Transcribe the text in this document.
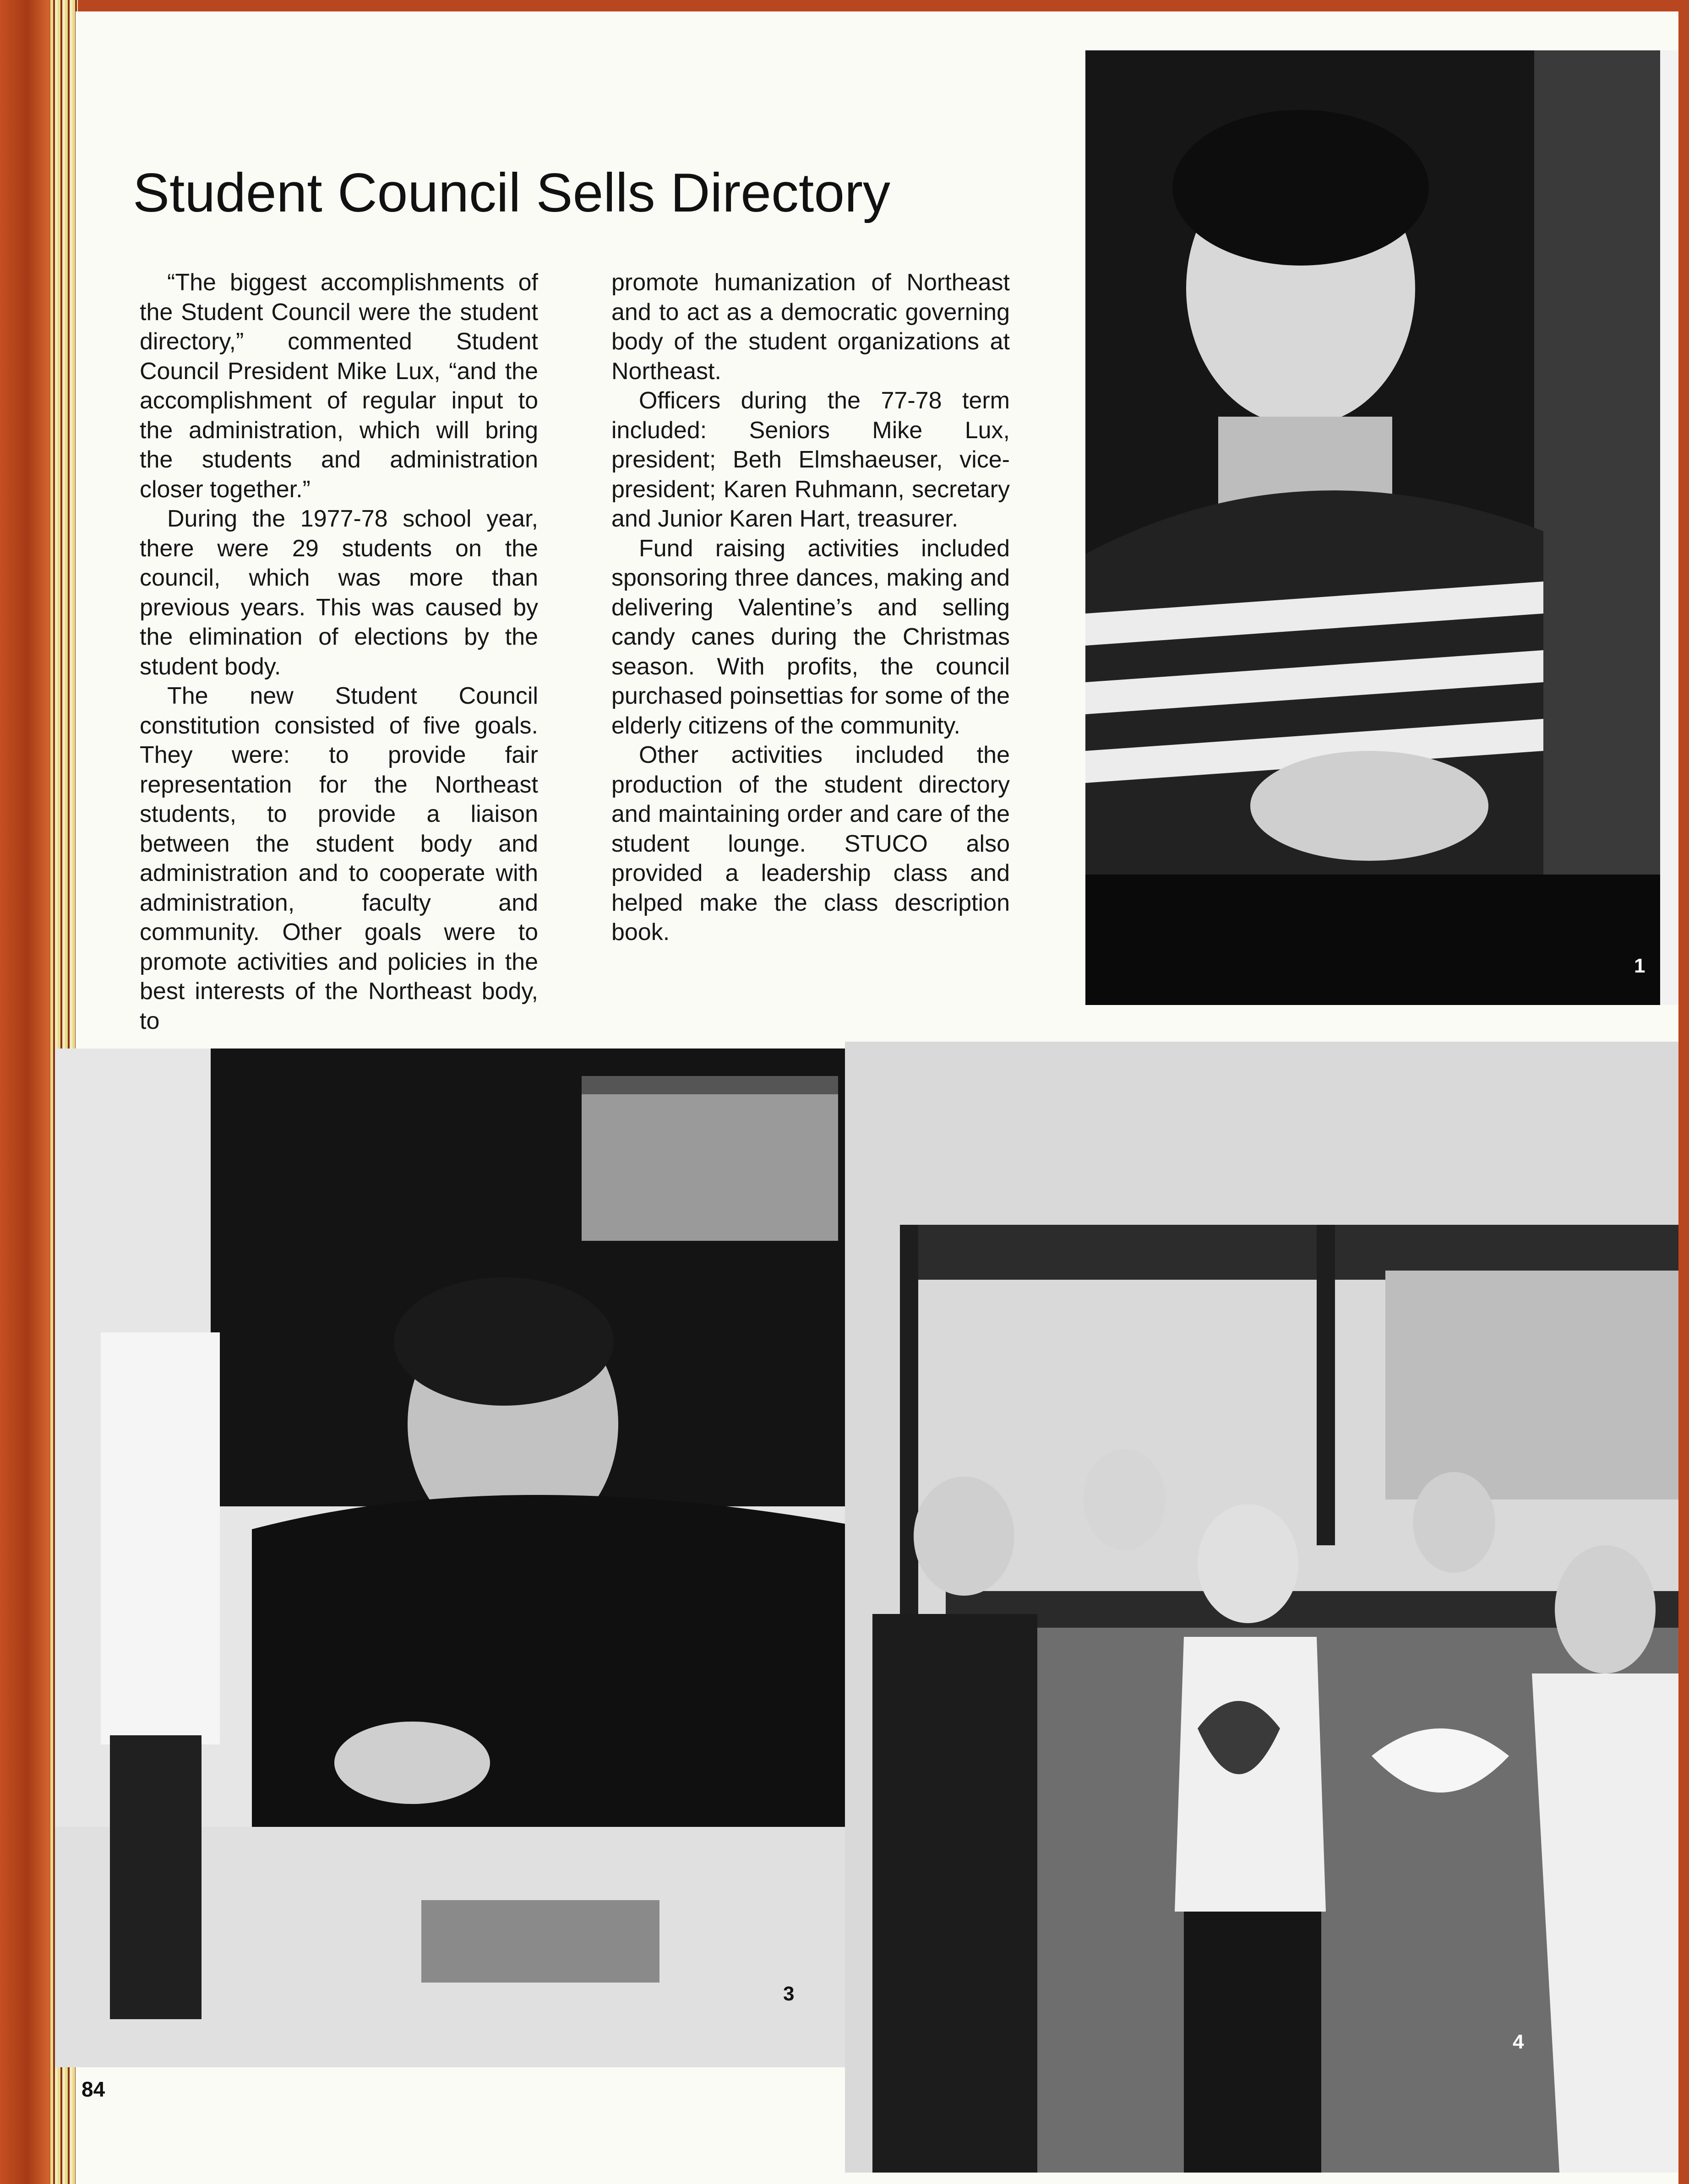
Student Council Sells Directory

“The biggest accomplishments of the Student Council were the student directory,” commented Student Council President Mike Lux, “and the accomplishment of regular input to the administration, which will bring the students and administration closer together.”

During the 1977-78 school year, there were 29 students on the council, which was more than previous years. This was caused by the elimination of elections by the student body.

The new Student Council constitution consisted of five goals. They were: to provide fair representation for the Northeast students, to provide a liaison between the student body and administration and to cooperate with administration, faculty and community. Other goals were to promote activities and policies in the best interests of the Northeast body, to

promote humanization of Northeast and to act as a democratic governing body of the student organizations at Northeast.

Officers during the 77-78 term included: Seniors Mike Lux, president; Beth Elmshaeuser, vice-president; Karen Ruhmann, secretary and Junior Karen Hart, treasurer.

Fund raising activities included sponsoring three dances, making and delivering Valentine’s and selling candy canes during the Christmas season. With profits, the council purchased poinsettias for some of the elderly citizens of the community.

Other activities included the production of the student directory and maintaining order and care of the student lounge. STUCO also provided a leadership class and helped make the class description book.

1
3
4
84
